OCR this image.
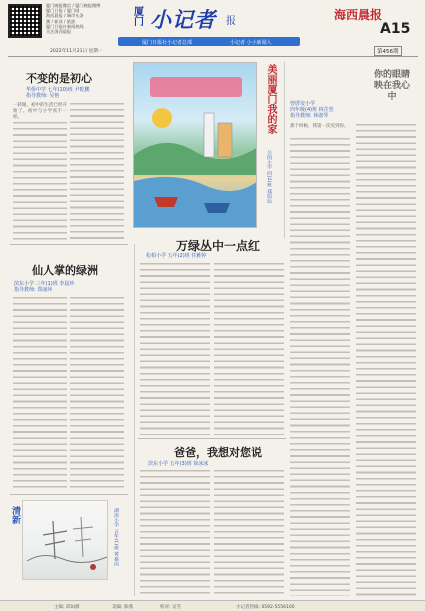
厦门晚报微信 / 厦门晚报微博
厦门日报 / 厦门网
海西晨报 / 城市头条
潮 / 新读 / 旅游
厦门日报社新闻热线
关注海西晨报
厦门 小记者 报	海西晨报
A15
厦门日报社小记者总部	小记者 小小新闻人
2022年11月21日 星期一	第456期
不变的是初心
华侨中学 七年(10)班 尹乾鹏
指导教师: 吴艳
一转眼，初中的生活已经开始了。初中与小学真不一样。	美丽厦门我的家
公园小学 四(2)班 郑绍辰
你的眼睛映在我心中
曾厝垵小学
四年级(4)班 林芷萱
指导教师: 林淑琴
那个时候，我第一次见到你。
万绿丛中一点红
松柏小学 五年(2)班 任雅婷
仙人掌的绿洲
滨东小学 三年(1)班 李晨珍
指导教师: 郑丽萍
爸爸，我想对您说
滨东小学 五年(3)班 徐冰冰
清新	湖滨小学 五年(1)班 黄嘉雨
主编: 邱如漪	美编: 陈燕	校对: 吴雪	小记者热线: 0592-5556100
